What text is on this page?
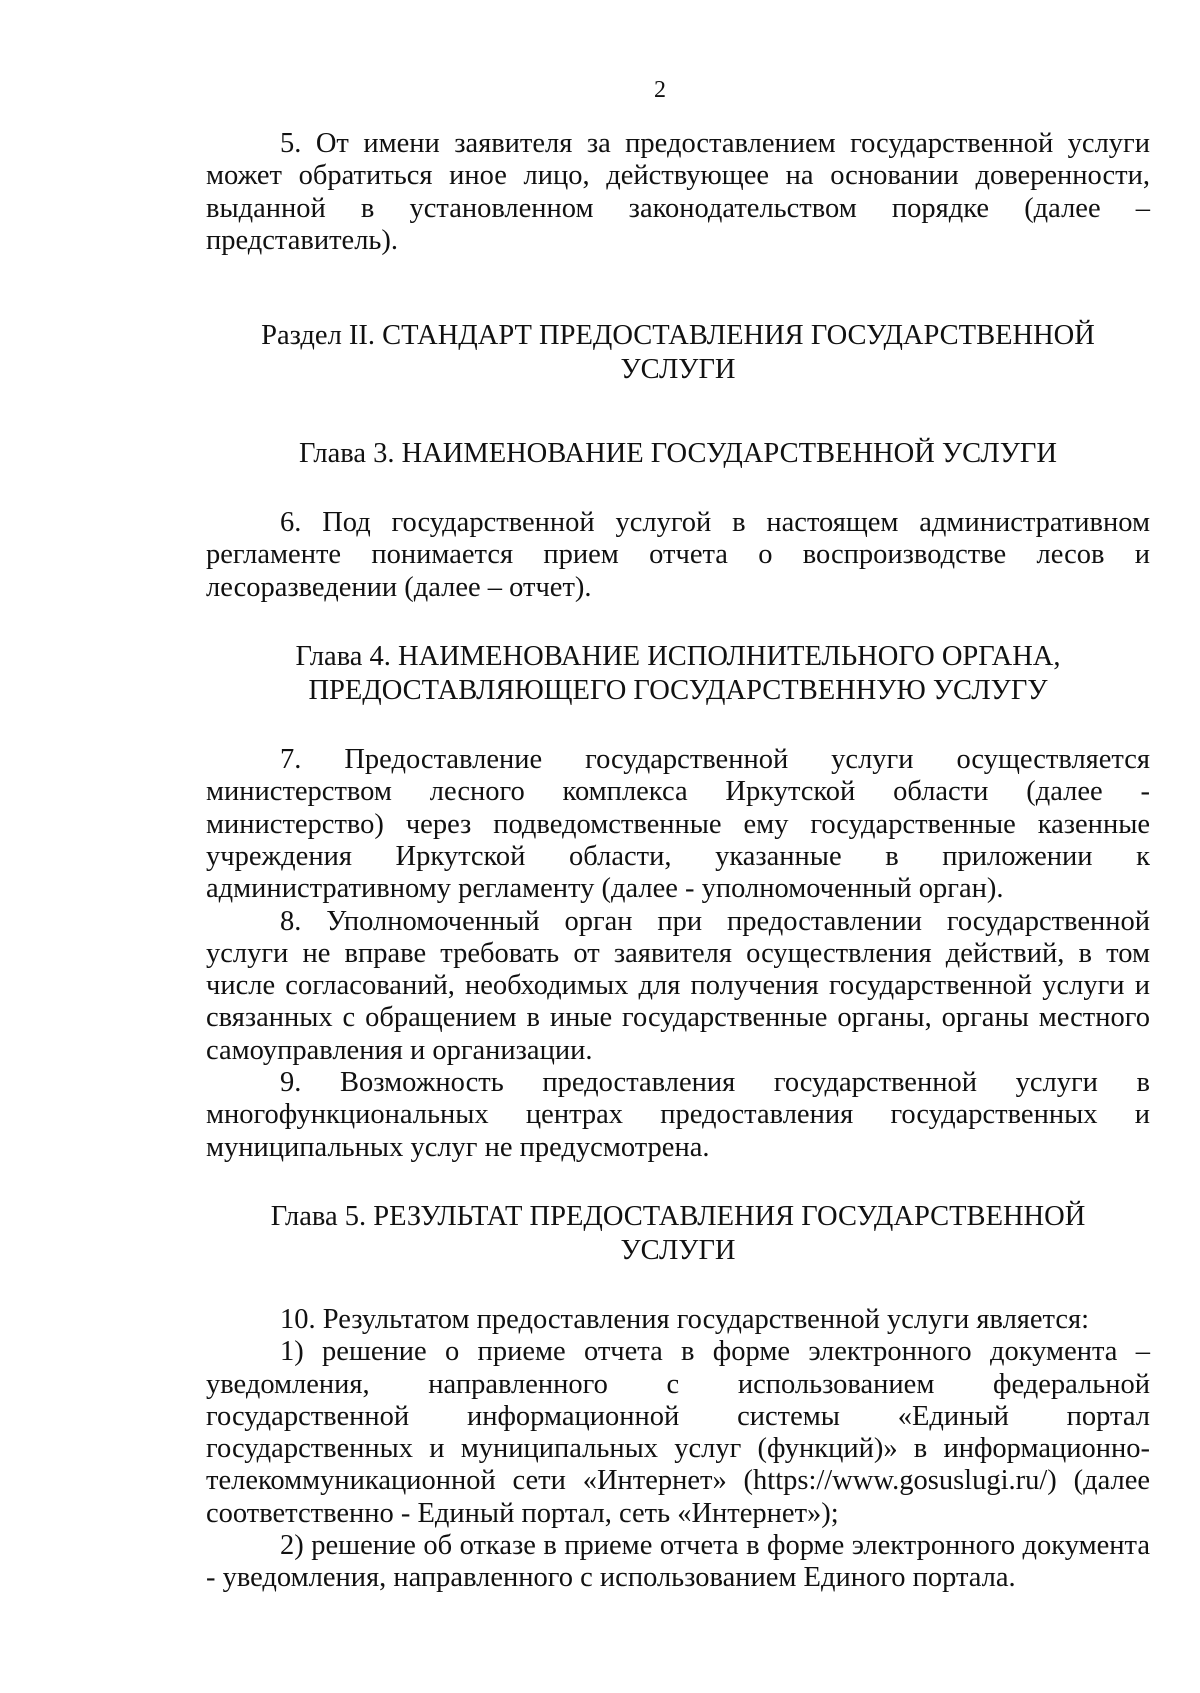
2

5. От имени заявителя за предоставлением государственной услуги может обратиться иное лицо, действующее на основании доверенности, выданной в установленном законодательством порядке (далее – представитель).

Раздел II. СТАНДАРТ ПРЕДОСТАВЛЕНИЯ ГОСУДАРСТВЕННОЙ
УСЛУГИ
Глава 3. НАИМЕНОВАНИЕ ГОСУДАРСТВЕННОЙ УСЛУГИ

6. Под государственной услугой в настоящем административном регламенте понимается прием отчета о воспроизводстве лесов и лесоразведении (далее – отчет).

Глава 4. НАИМЕНОВАНИЕ ИСПОЛНИТЕЛЬНОГО ОРГАНА,
ПРЕДОСТАВЛЯЮЩЕГО ГОСУДАРСТВЕННУЮ УСЛУГУ

7. Предоставление государственной услуги осуществляется министерством лесного комплекса Иркутской области (далее - министерство) через подведомственные ему государственные казенные учреждения Иркутской области, указанные в приложении к административному регламенту (далее - уполномоченный орган).

8. Уполномоченный орган при предоставлении государственной услуги не вправе требовать от заявителя осуществления действий, в том числе согласований, необходимых для получения государственной услуги и связанных с обращением в иные государственные органы, органы местного самоуправления и организации.

9. Возможность предоставления государственной услуги в многофункциональных центрах предоставления государственных и муниципальных услуг не предусмотрена.

Глава 5. РЕЗУЛЬТАТ ПРЕДОСТАВЛЕНИЯ ГОСУДАРСТВЕННОЙ
УСЛУГИ

10. Результатом предоставления государственной услуги является:

1) решение о приеме отчета в форме электронного документа – уведомления, направленного с использованием федеральной государственной информационной системы «Единый портал государственных и муниципальных услуг (функций)» в информационно-телекоммуникационной сети «Интернет» (https://www.gosuslugi.ru/) (далее соответственно - Единый портал, сеть «Интернет»);

2) решение об отказе в приеме отчета в форме электронного документа - уведомления, направленного с использованием Единого портала.
